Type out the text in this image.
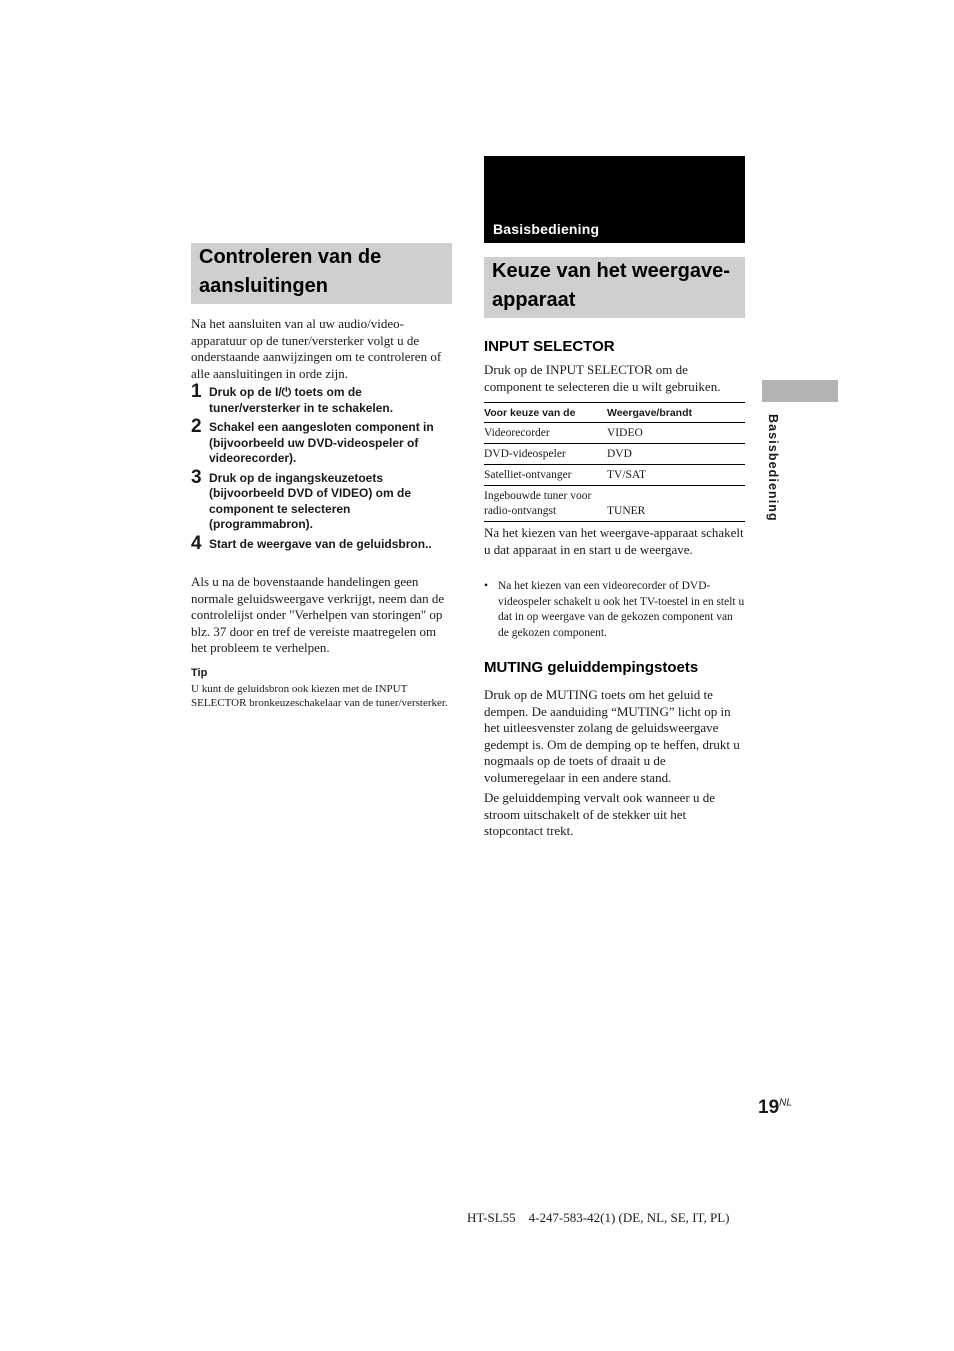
Basisbediening
Controleren van de aansluitingen
Na het aansluiten van al uw audio/video-apparatuur op de tuner/versterker volgt u de onderstaande aanwijzingen om te controleren of alle aansluitingen in orde zijn.
1 Druk op de I/⏻ toets om de tuner/versterker in te schakelen.
2 Schakel een aangesloten component in (bijvoorbeeld uw DVD-videospeler of videorecorder).
3 Druk op de ingangskeuzetoets (bijvoorbeeld DVD of VIDEO) om de component te selecteren (programmabron).
4 Start de weergave van de geluidsbron..
Als u na de bovenstaande handelingen geen normale geluidsweergave verkrijgt, neem dan de controlelijst onder "Verhelpen van storingen" op blz. 37 door en tref de vereiste maatregelen om het probleem te verhelpen.
Tip
U kunt de geluidsbron ook kiezen met de INPUT SELECTOR bronkeuzeschakelaar van de tuner/versterker.
Keuze van het weergave-apparaat
INPUT SELECTOR
Druk op de INPUT SELECTOR om de component te selecteren die u wilt gebruiken.
Voor keuze van de	Weergave/brandt
Videorecorder	VIDEO
DVD-videospeler	DVD
Satelliet-ontvanger	TV/SAT
Ingebouwde tuner voor radio-ontvangst	TUNER
Na het kiezen van het weergave-apparaat schakelt u dat apparaat in en start u de weergave.
• Na het kiezen van een videorecorder of DVD-videospeler schakelt u ook het TV-toestel in en stelt u dat in op weergave van de gekozen component van de gekozen component.
MUTING geluiddempingstoets
Druk op de MUTING toets om het geluid te dempen. De aanduiding “MUTING” licht op in het uitleesvenster zolang de geluidsweergave gedempt is. Om de demping op te heffen, drukt u nogmaals op de toets of draait u de volumeregelaar in een andere stand.
De geluiddemping vervalt ook wanneer u de stroom uitschakelt of de stekker uit het stopcontact trekt.
Basisbediening
$19^{NL}$
HT-SL55    4-247-583-42(1) (DE, NL, SE, IT, PL)
